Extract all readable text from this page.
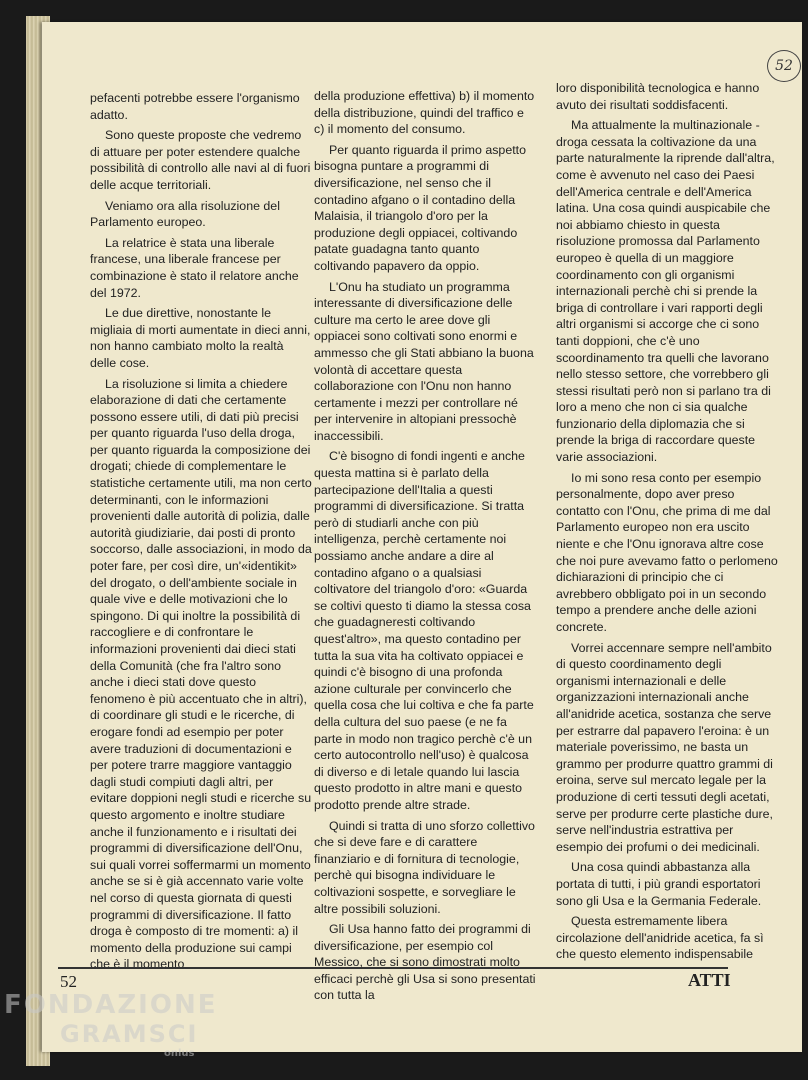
52

pefacenti potrebbe essere l'organismo adatto.

Sono queste proposte che vedremo di attuare per poter estendere qualche possibilità di controllo alle navi al di fuori delle acque territoriali.

Veniamo ora alla risoluzione del Parlamento europeo.

La relatrice è stata una liberale francese, una liberale francese per combinazione è stato il relatore anche del 1972.

Le due direttive, nonostante le migliaia di morti aumentate in dieci anni, non hanno cambiato molto la realtà delle cose.

La risoluzione si limita a chiedere elaborazione di dati che certamente possono essere utili, di dati più precisi per quanto riguarda l'uso della droga, per quanto riguarda la composizione dei drogati; chiede di complementare le statistiche certamente utili, ma non certo determinanti, con le informazioni provenienti dalle autorità di polizia, dalle autorità giudiziarie, dai posti di pronto soccorso, dalle associazioni, in modo da poter fare, per così dire, un'«identikit» del drogato, o dell'ambiente sociale in quale vive e delle motivazioni che lo spingono. Di qui inoltre la possibilità di raccogliere e di confrontare le informazioni provenienti dai dieci stati della Comunità (che fra l'altro sono anche i dieci stati dove questo fenomeno è più accentuato che in altri), di coordinare gli studi e le ricerche, di erogare fondi ad esempio per poter avere traduzioni di documentazioni e per potere trarre maggiore vantaggio dagli studi compiuti dagli altri, per evitare doppioni negli studi e ricerche su questo argomento e inoltre studiare anche il funzionamento e i risultati dei programmi di diversificazione dell'Onu, sui quali vorrei soffermarmi un momento anche se si è già accennato varie volte nel corso di questa giornata di questi programmi di diversificazione. Il fatto droga è composto di tre momenti: a) il momento della produzione sui campi che è il momento

della produzione effettiva) b) il momento della distribuzione, quindi del traffico e c) il momento del consumo.

Per quanto riguarda il primo aspetto bisogna puntare a programmi di diversificazione, nel senso che il contadino afgano o il contadino della Malaisia, il triangolo d'oro per la produzione degli oppiacei, coltivando patate guadagna tanto quanto coltivando papavero da oppio.

L'Onu ha studiato un programma interessante di diversificazione delle culture ma certo le aree dove gli oppiacei sono coltivati sono enormi e ammesso che gli Stati abbiano la buona volontà di accettare questa collaborazione con l'Onu non hanno certamente i mezzi per controllare né per intervenire in altopiani pressochè inaccessibili.

C'è bisogno di fondi ingenti e anche questa mattina si è parlato della partecipazione dell'Italia a questi programmi di diversificazione. Si tratta però di studiarli anche con più intelligenza, perchè certamente noi possiamo anche andare a dire al contadino afgano o a qualsiasi coltivatore del triangolo d'oro: «Guarda se coltivi questo ti diamo la stessa cosa che guadagneresti coltivando quest'altro», ma questo contadino per tutta la sua vita ha coltivato oppiacei e quindi c'è bisogno di una profonda azione culturale per convincerlo che quella cosa che lui coltiva e che fa parte della cultura del suo paese (e ne fa parte in modo non tragico perchè c'è un certo autocontrollo nell'uso) è qualcosa di diverso e di letale quando lui lascia questo prodotto in altre mani e questo prodotto prende altre strade.

Quindi si tratta di uno sforzo collettivo che si deve fare e di carattere finanziario e di fornitura di tecnologie, perchè qui bisogna individuare le coltivazioni sospette, e sorvegliare le altre possibili soluzioni.

Gli Usa hanno fatto dei programmi di diversificazione, per esempio col Messico, che si sono dimostrati molto efficaci perchè gli Usa si sono presentati con tutta la

loro disponibilità tecnologica e hanno avuto dei risultati soddisfacenti.

Ma attualmente la multinazionale - droga cessata la coltivazione da una parte naturalmente la riprende dall'altra, come è avvenuto nel caso dei Paesi dell'America centrale e dell'America latina. Una cosa quindi auspicabile che noi abbiamo chiesto in questa risoluzione promossa dal Parlamento europeo è quella di un maggiore coordinamento con gli organismi internazionali perchè chi si prende la briga di controllare i vari rapporti degli altri organismi si accorge che ci sono tanti doppioni, che c'è uno scoordinamento tra quelli che lavorano nello stesso settore, che vorrebbero gli stessi risultati però non si parlano tra di loro a meno che non ci sia qualche funzionario della diplomazia che si prende la briga di raccordare queste varie associazioni.

Io mi sono resa conto per esempio personalmente, dopo aver preso contatto con l'Onu, che prima di me dal Parlamento europeo non era uscito niente e che l'Onu ignorava altre cose che noi pure avevamo fatto o perlomeno dichiarazioni di principio che ci avrebbero obbligato poi in un secondo tempo a prendere anche delle azioni concrete.

Vorrei accennare sempre nell'ambito di questo coordinamento degli organismi internazionali e delle organizzazioni internazionali anche all'anidride acetica, sostanza che serve per estrarre dal papavero l'eroina: è un materiale poverissimo, ne basta un grammo per produrre quattro grammi di eroina, serve sul mercato legale per la produzione di certi tessuti degli acetati, serve per produrre certe plastiche dure, serve nell'industria estrattiva per esempio dei profumi o dei medicinali.

Una cosa quindi abbastanza alla portata di tutti, i più grandi esportatori sono gli Usa e la Germania Federale.

Questa estremamente libera circolazione dell'anidride acetica, fa sì che questo elemento indispensabile

52	ATTI
FONDAZIONE
GRAMSCI
onlus
